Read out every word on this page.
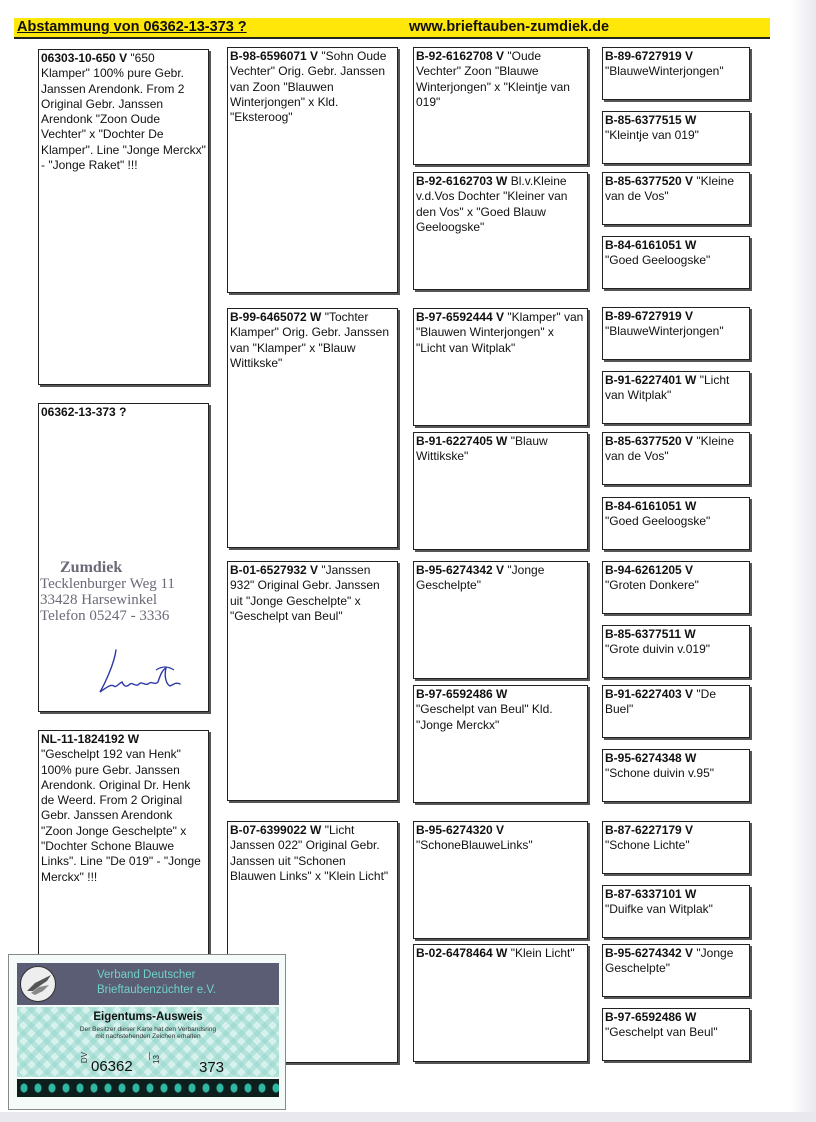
Abstammung von 06362-13-373 ?	www.brieftauben-zumdiek.de
06303-10-650 V "650 Klamper" 100% pure Gebr. Janssen Arendonk. From 2 Original Gebr. Janssen Arendonk "Zoon Oude Vechter" x "Dochter De Klamper". Line "Jonge Merckx" - "Jonge Raket" !!!
06362-13-373 ?
NL-11-1824192 W
"Geschelpt 192 van Henk" 100% pure Gebr. Janssen Arendonk. Original Dr. Henk de Weerd. From 2 Original Gebr. Janssen Arendonk "Zoon Jonge Geschelpte" x "Dochter Schone Blauwe Links". Line "De 019" - "Jonge Merckx" !!!
B-98-6596071 V "Sohn Oude Vechter" Orig. Gebr. Janssen van Zoon "Blauwen Winterjongen" x Kld. "Eksteroog"
B-99-6465072 W "Tochter Klamper" Orig. Gebr. Janssen van "Klamper" x "Blauw Wittikske"
B-01-6527932 V "Janssen 932" Original Gebr. Janssen uit "Jonge Geschelpte" x "Geschelpt van Beul"
B-07-6399022 W "Licht Janssen 022" Original Gebr. Janssen uit "Schonen Blauwen Links" x "Klein Licht"
B-92-6162708 V "Oude Vechter" Zoon "Blauwe Winterjongen" x "Kleintje van 019"
B-92-6162703 W Bl.v.Kleine v.d.Vos Dochter "Kleiner van den Vos" x "Goed Blauw Geeloogske"
B-97-6592444 V "Klamper" van "Blauwen Winterjongen" x "Licht van Witplak"
B-91-6227405 W "Blauw Wittikske"
B-95-6274342 V "Jonge Geschelpte"
B-97-6592486 W
"Geschelpt van Beul" Kld. "Jonge Merckx"
B-95-6274320 V
"SchoneBlauweLinks"
B-02-6478464 W "Klein Licht"
B-89-6727919 V
"BlauweWinterjongen"
B-85-6377515 W
"Kleintje van 019"
B-85-6377520 V "Kleine van de Vos"
B-84-6161051 W
"Goed Geeloogske"
B-89-6727919 V
"BlauweWinterjongen"
B-91-6227401 W "Licht van Witplak"
B-85-6377520 V "Kleine van de Vos"
B-84-6161051 W
"Goed Geeloogske"
B-94-6261205 V
"Groten Donkere"
B-85-6377511 W
"Grote duivin v.019"
B-91-6227403 V "De Buel"
B-95-6274348 W
"Schone duivin v.95"
B-87-6227179 V
"Schone Lichte"
B-87-6337101 W
"Duifke van Witplak"
B-95-6274342 V "Jonge Geschelpte"
B-97-6592486 W
"Geschelpt van Beul"
Zumdiek
Tecklenburger Weg 11
33428 Harsewinkel
Telefon 05247 - 3336
Verband Deutscher
Brieftaubenzüchter e.V.
Eigentums-Ausweis
Der Besitzer dieser Karte hat den Verbandsring
mit nachstehenden Zeichen erhalten
DV
06362 13	373
